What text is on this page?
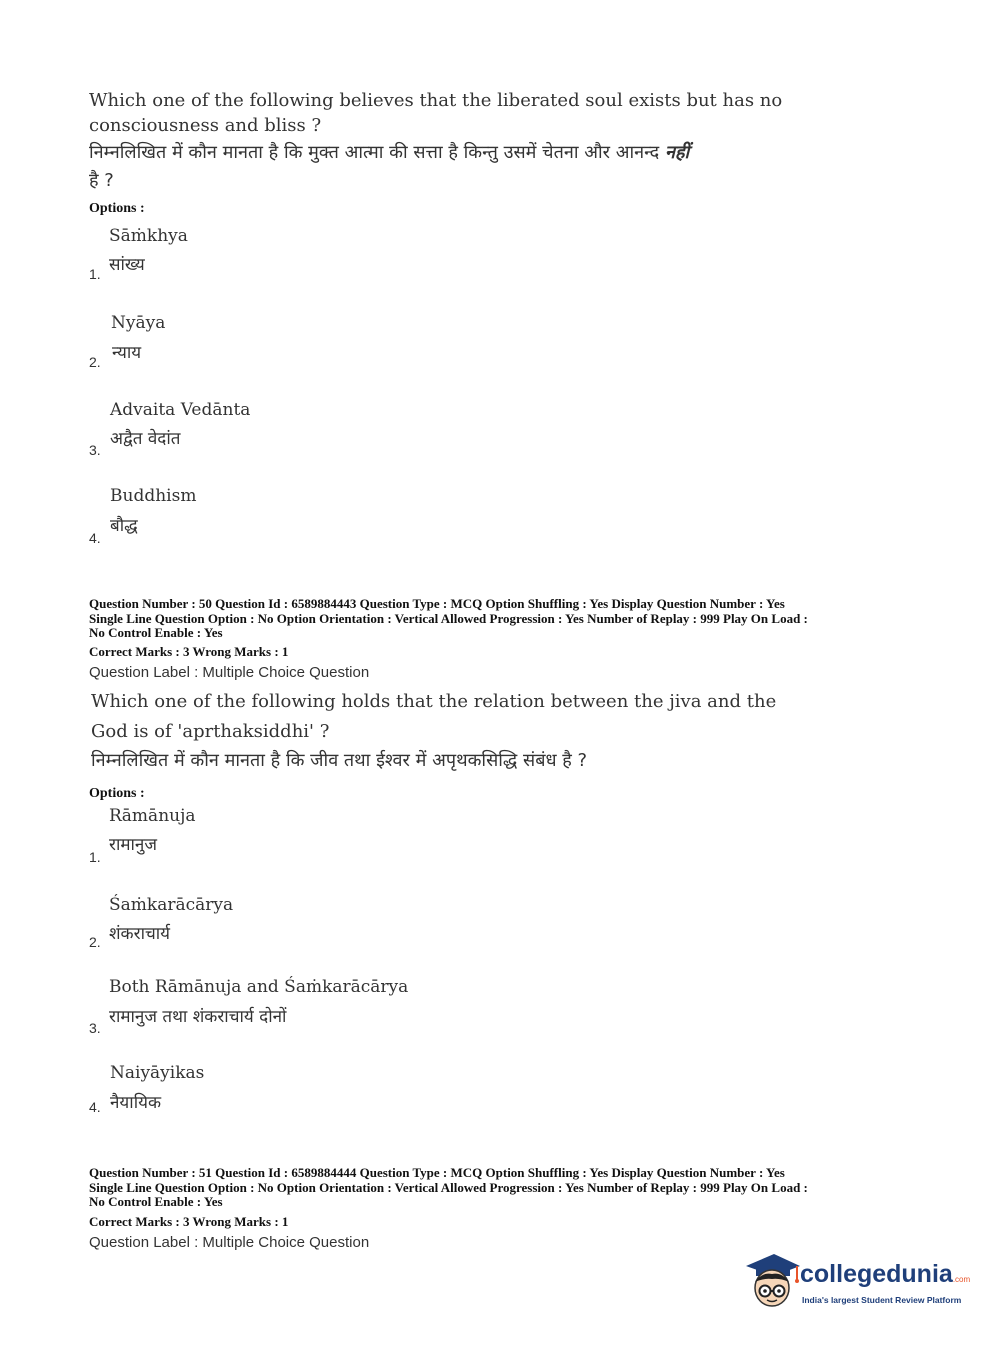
Which one of the following believes that the liberated soul exists but has no
consciousness and bliss ?
निम्नलिखित में कौन मानता है कि मुक्त आत्मा की सत्ता है किन्तु उसमें चेतना और आनन्द नहीं
है ?
Options :
Sāṁkhya
सांख्य
1.
Nyāya
न्याय
2.
Advaita Vedānta
अद्वैत वेदांत
3.
Buddhism
बौद्ध
4.
Question Number : 50 Question Id : 6589884443 Question Type : MCQ Option Shuffling : Yes Display Question Number : Yes
Single Line Question Option : No Option Orientation : Vertical Allowed Progression : Yes Number of Replay : 999 Play On Load :
No Control Enable : Yes
Correct Marks : 3 Wrong Marks : 1
Question Label : Multiple Choice Question
Which one of the following holds that the relation between the jiva and the
God is of 'aprthaksiddhi' ?
निम्नलिखित में कौन मानता है कि जीव तथा ईश्वर में अपृथकसिद्धि संबंध है ?
Options :
Rāmānuja
रामानुज
1.
Śaṁkarācārya
शंकराचार्य
2.
Both Rāmānuja and Śaṁkarācārya
रामानुज तथा शंकराचार्य दोनों
3.
Naiyāyikas
नैयायिक
4.
Question Number : 51 Question Id : 6589884444 Question Type : MCQ Option Shuffling : Yes Display Question Number : Yes
Single Line Question Option : No Option Orientation : Vertical Allowed Progression : Yes Number of Replay : 999 Play On Load :
No Control Enable : Yes
Correct Marks : 3 Wrong Marks : 1
Question Label : Multiple Choice Question
collegedunia.com
India's largest Student Review Platform
